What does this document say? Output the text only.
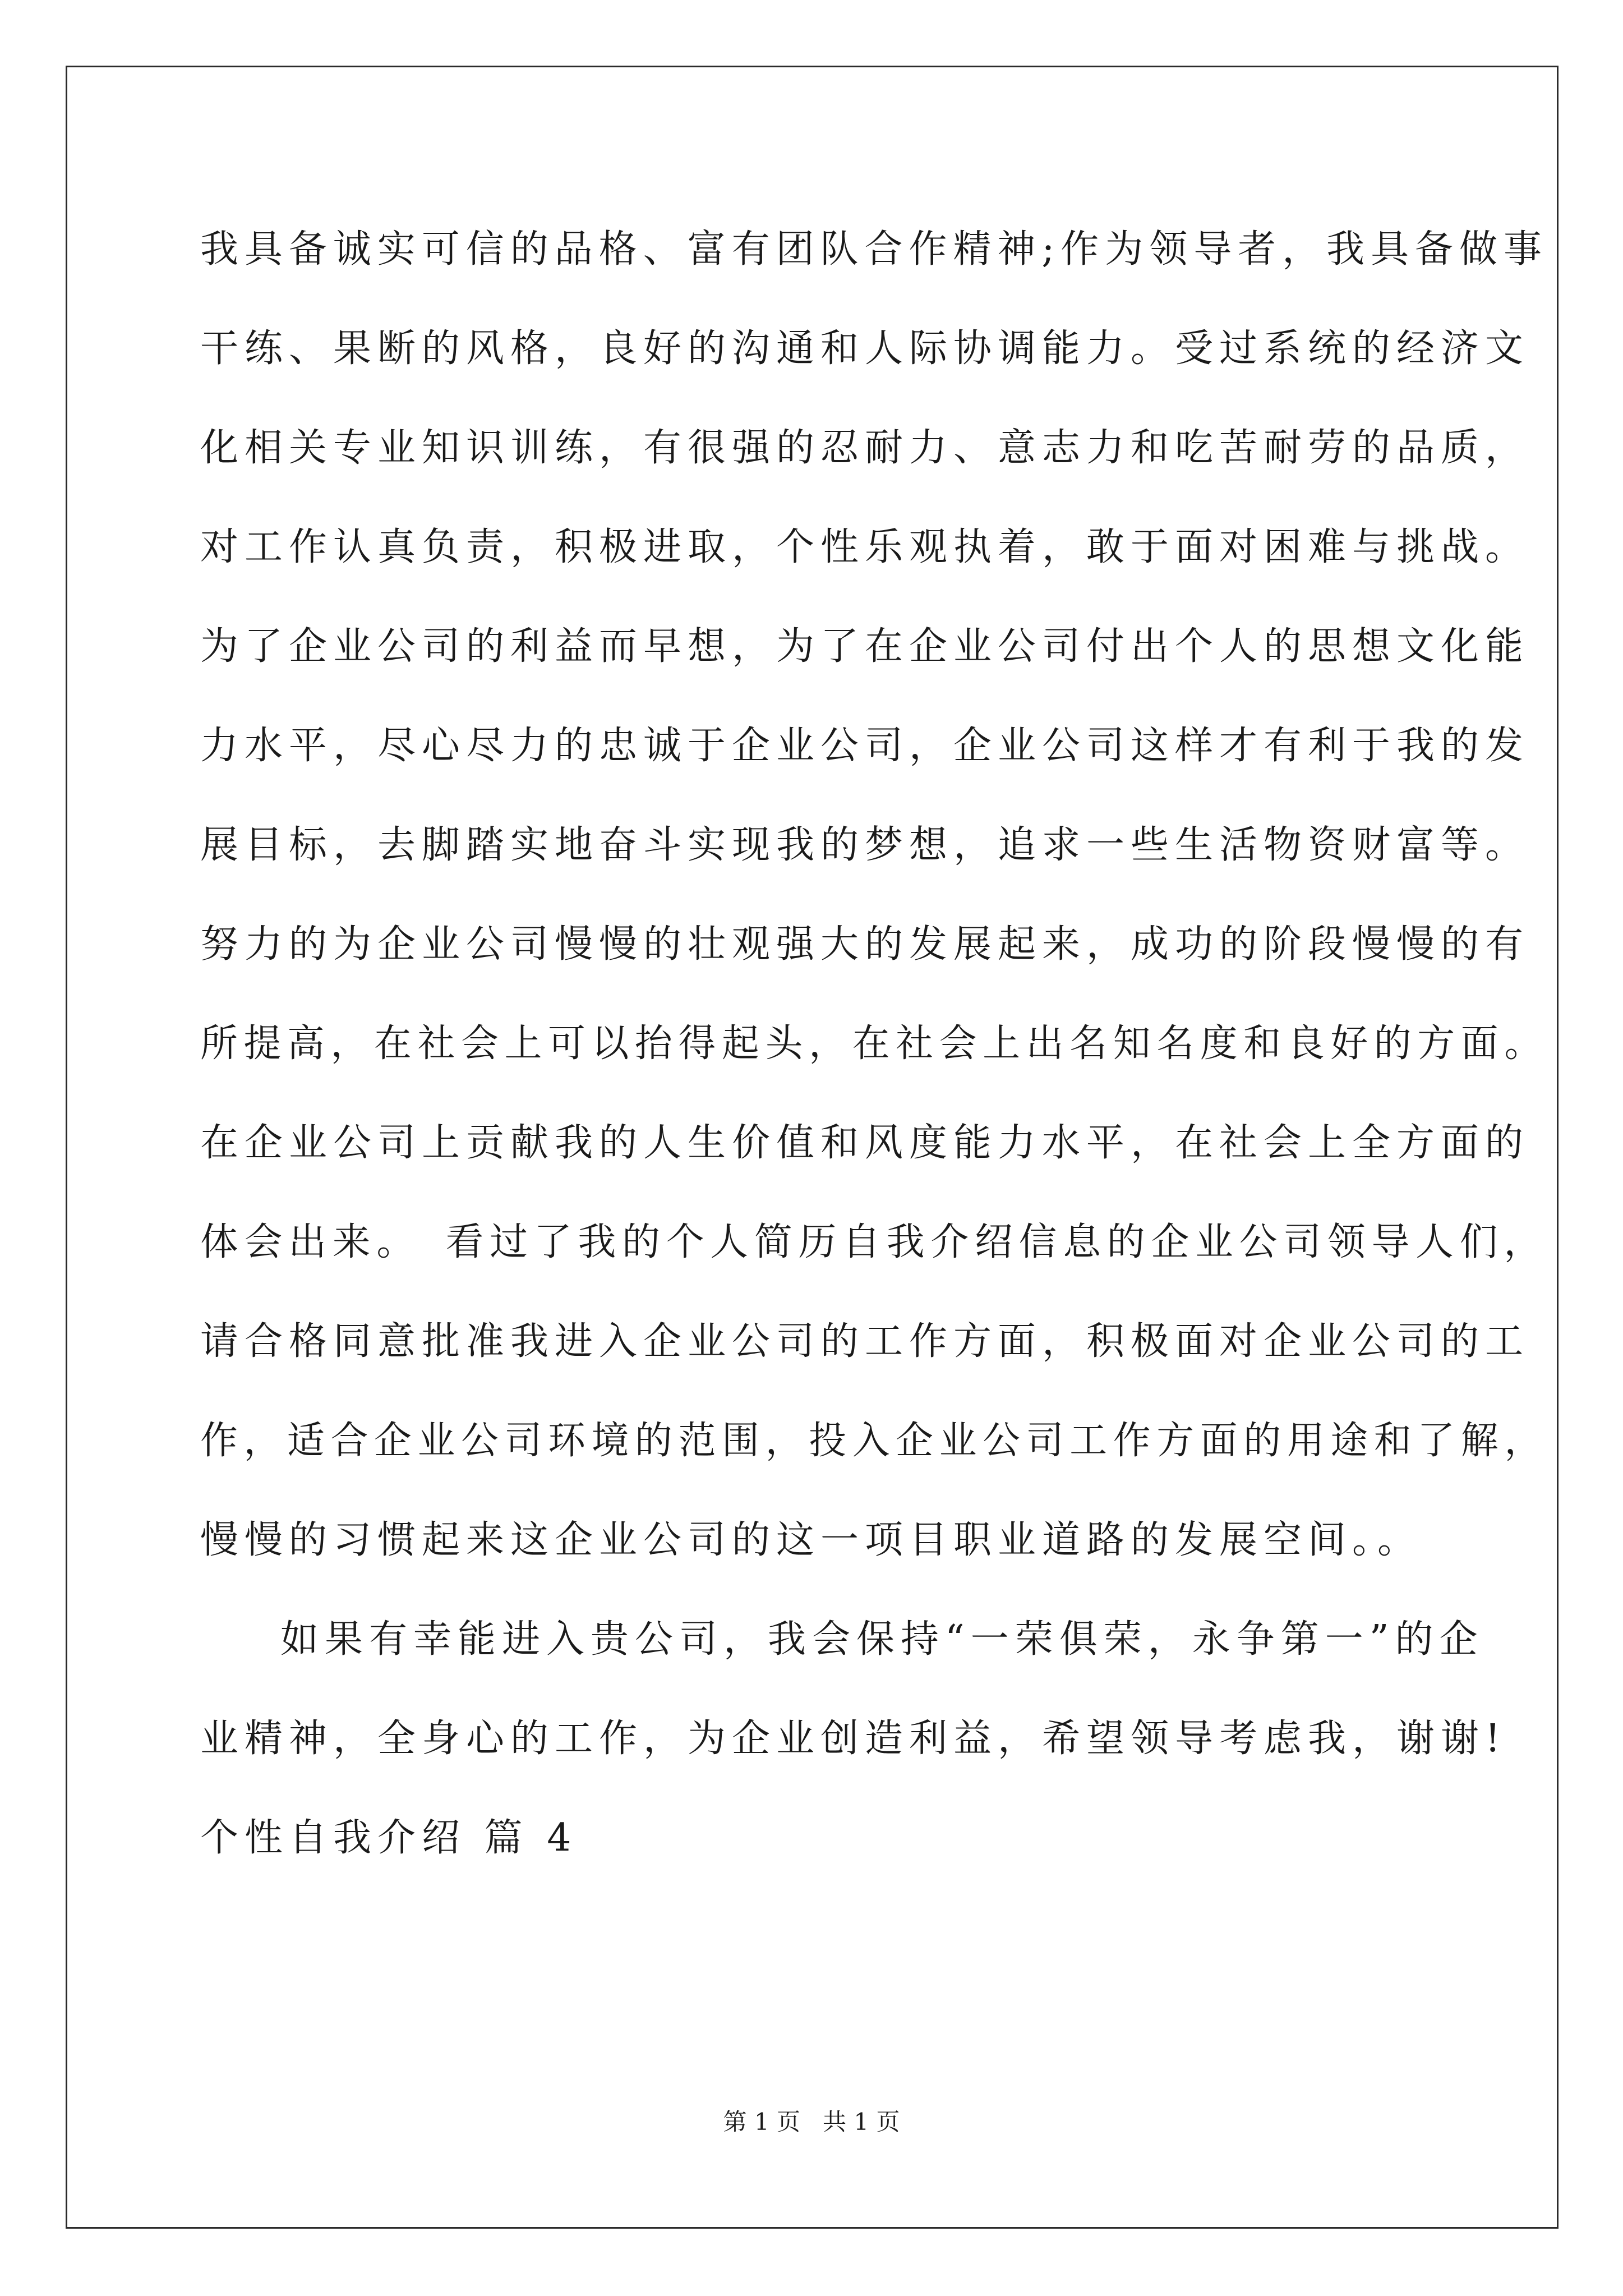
我具备诚实可信的品格、富有团队合作精神;作为领导者，我具备做事
干练、果断的风格，良好的沟通和人际协调能力。受过系统的经济文
化相关专业知识训练，有很强的忍耐力、意志力和吃苦耐劳的品质，
对工作认真负责，积极进取，个性乐观执着，敢于面对困难与挑战。
为了企业公司的利益而早想，为了在企业公司付出个人的思想文化能
力水平，尽心尽力的忠诚于企业公司，企业公司这样才有利于我的发
展目标，去脚踏实地奋斗实现我的梦想，追求一些生活物资财富等。
努力的为企业公司慢慢的壮观强大的发展起来，成功的阶段慢慢的有
所提高，在社会上可以抬得起头，在社会上出名知名度和良好的方面。
在企业公司上贡献我的人生价值和风度能力水平，在社会上全方面的
体会出来。　看过了我的个人简历自我介绍信息的企业公司领导人们，
请合格同意批准我进入企业公司的工作方面，积极面对企业公司的工
作，适合企业公司环境的范围，投入企业公司工作方面的用途和了解，
慢慢的习惯起来这企业公司的这一项目职业道路的发展空间。。
如果有幸能进入贵公司，我会保持“一荣俱荣，永争第一”的企
业精神，全身心的工作，为企业创造利益，希望领导考虑我，谢谢!
个性自我介绍 篇 4
第 1 页   共 1 页
